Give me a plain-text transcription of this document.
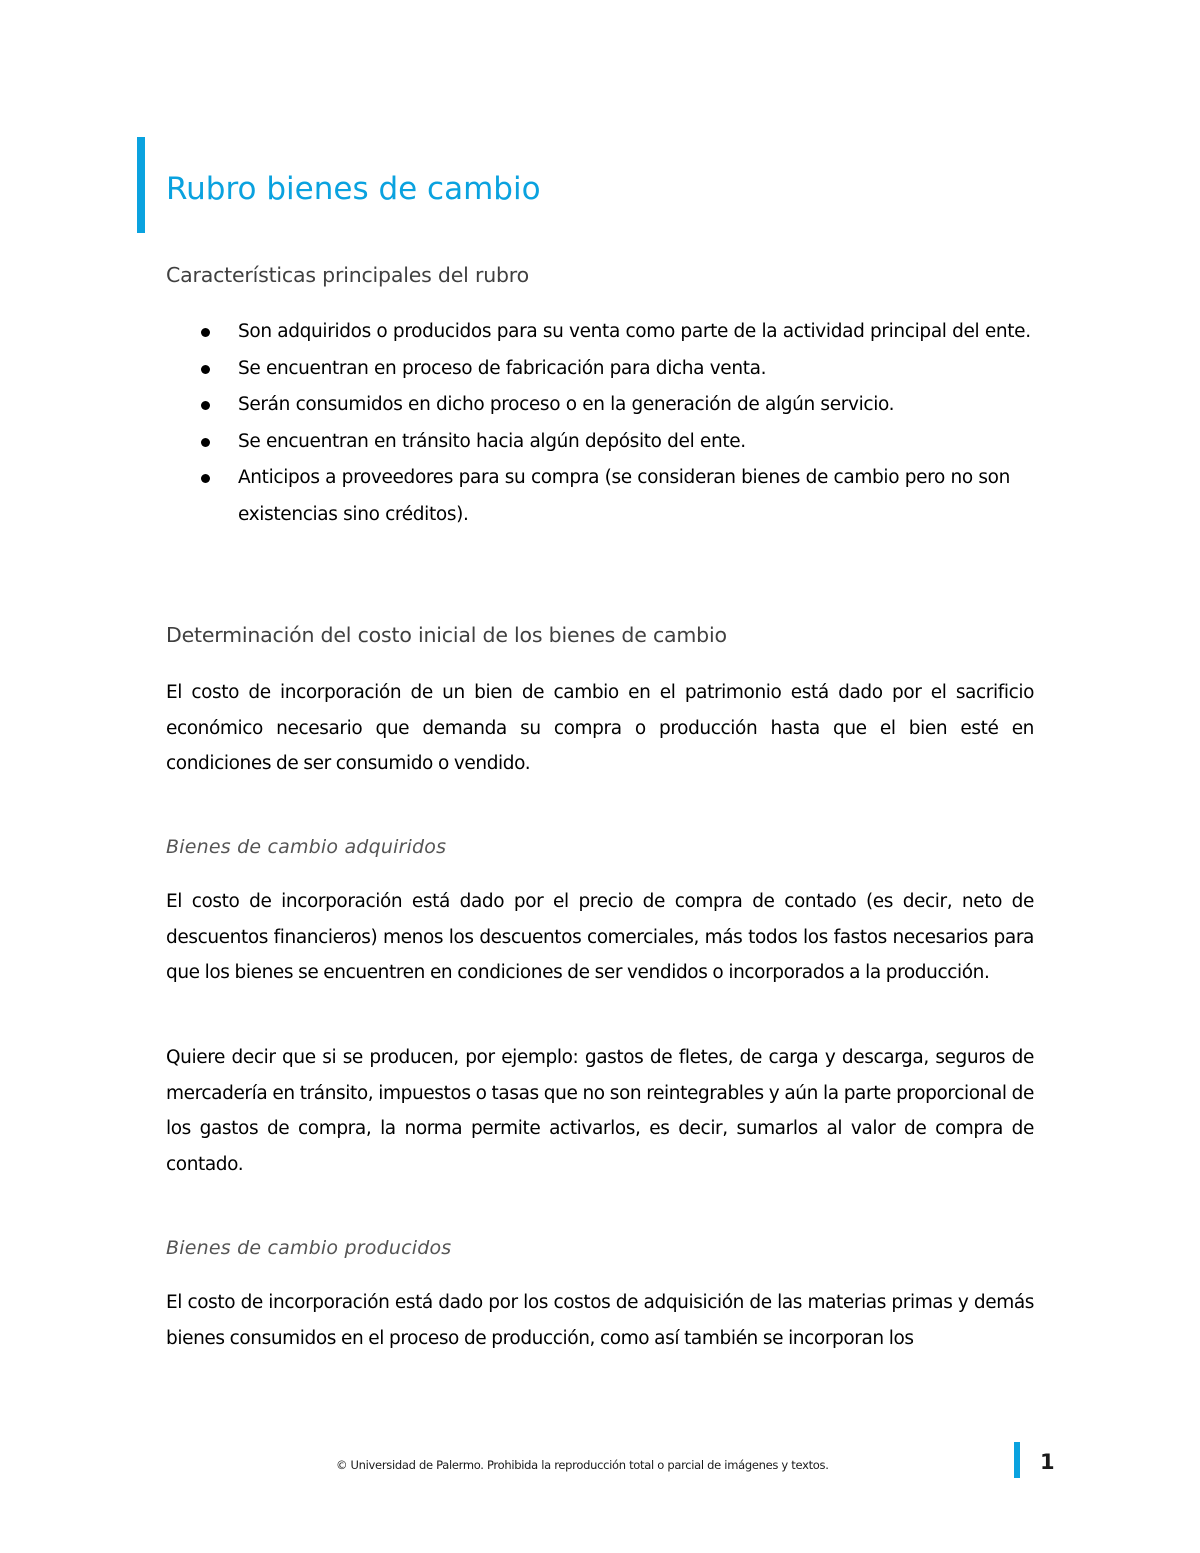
Rubro bienes de cambio
Características principales del rubro
Son adquiridos o producidos para su venta como parte de la actividad principal del ente.
Se encuentran en proceso de fabricación para dicha venta.
Serán consumidos en dicho proceso o en la generación de algún servicio.
Se encuentran en tránsito hacia algún depósito del ente.
Anticipos a proveedores para su compra (se consideran bienes de cambio pero no son existencias sino créditos).
Determinación del costo inicial de los bienes de cambio

El costo de incorporación de un bien de cambio en el patrimonio está dado por el sacrificio económico necesario que demanda su compra o producción hasta que el bien esté en condiciones de ser consumido o vendido.

Bienes de cambio adquiridos

El costo de incorporación está dado por el precio de compra de contado (es decir, neto de descuentos financieros) menos los descuentos comerciales, más todos los fastos necesarios para que los bienes se encuentren en condiciones de ser vendidos o incorporados a la producción.

Quiere decir que si se producen, por ejemplo: gastos de fletes, de carga y descarga, seguros de mercadería en tránsito, impuestos o tasas que no son reintegrables y aún la parte proporcional de los gastos de compra, la norma permite activarlos, es decir, sumarlos al valor de compra de contado.

Bienes de cambio producidos

El costo de incorporación está dado por los costos de adquisición de las materias primas y demás bienes consumidos en el proceso de producción, como así también se incorporan los

© Universidad de Palermo. Prohibida la reproducción total o parcial de imágenes y textos.	1
